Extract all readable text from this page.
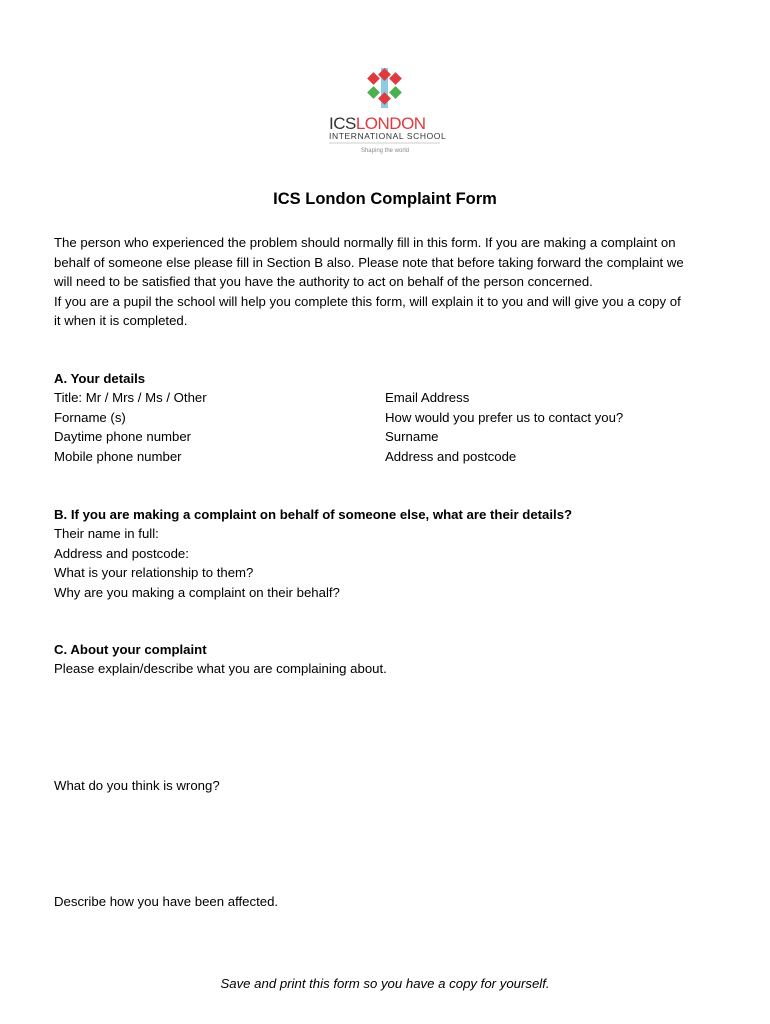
ICSLONDON
INTERNATIONAL SCHOOL
Shaping the world
ICS London Complaint Form

The person who experienced the problem should normally fill in this form. If you are making a complaint on

behalf of someone else please fill in Section B also. Please note that before taking forward the complaint we

will need to be satisfied that you have the authority to act on behalf of the person concerned.

If you are a pupil the school will help you complete this form, will explain it to you and will give you a copy of

it when it is completed.

A. Your details
Title: Mr / Mrs / Ms / Other
Forname (s)
Daytime phone number
Mobile phone number
Email Address
How would you prefer us to contact you?
Surname
Address and postcode
B. If you are making a complaint on behalf of someone else, what are their details?
Their name in full:
Address and postcode:
What is your relationship to them?
Why are you making a complaint on their behalf?
C. About your complaint
Please explain/describe what you are complaining about.
What do you think is wrong?
Describe how you have been affected.

Save and print this form so you have a copy for yourself.
